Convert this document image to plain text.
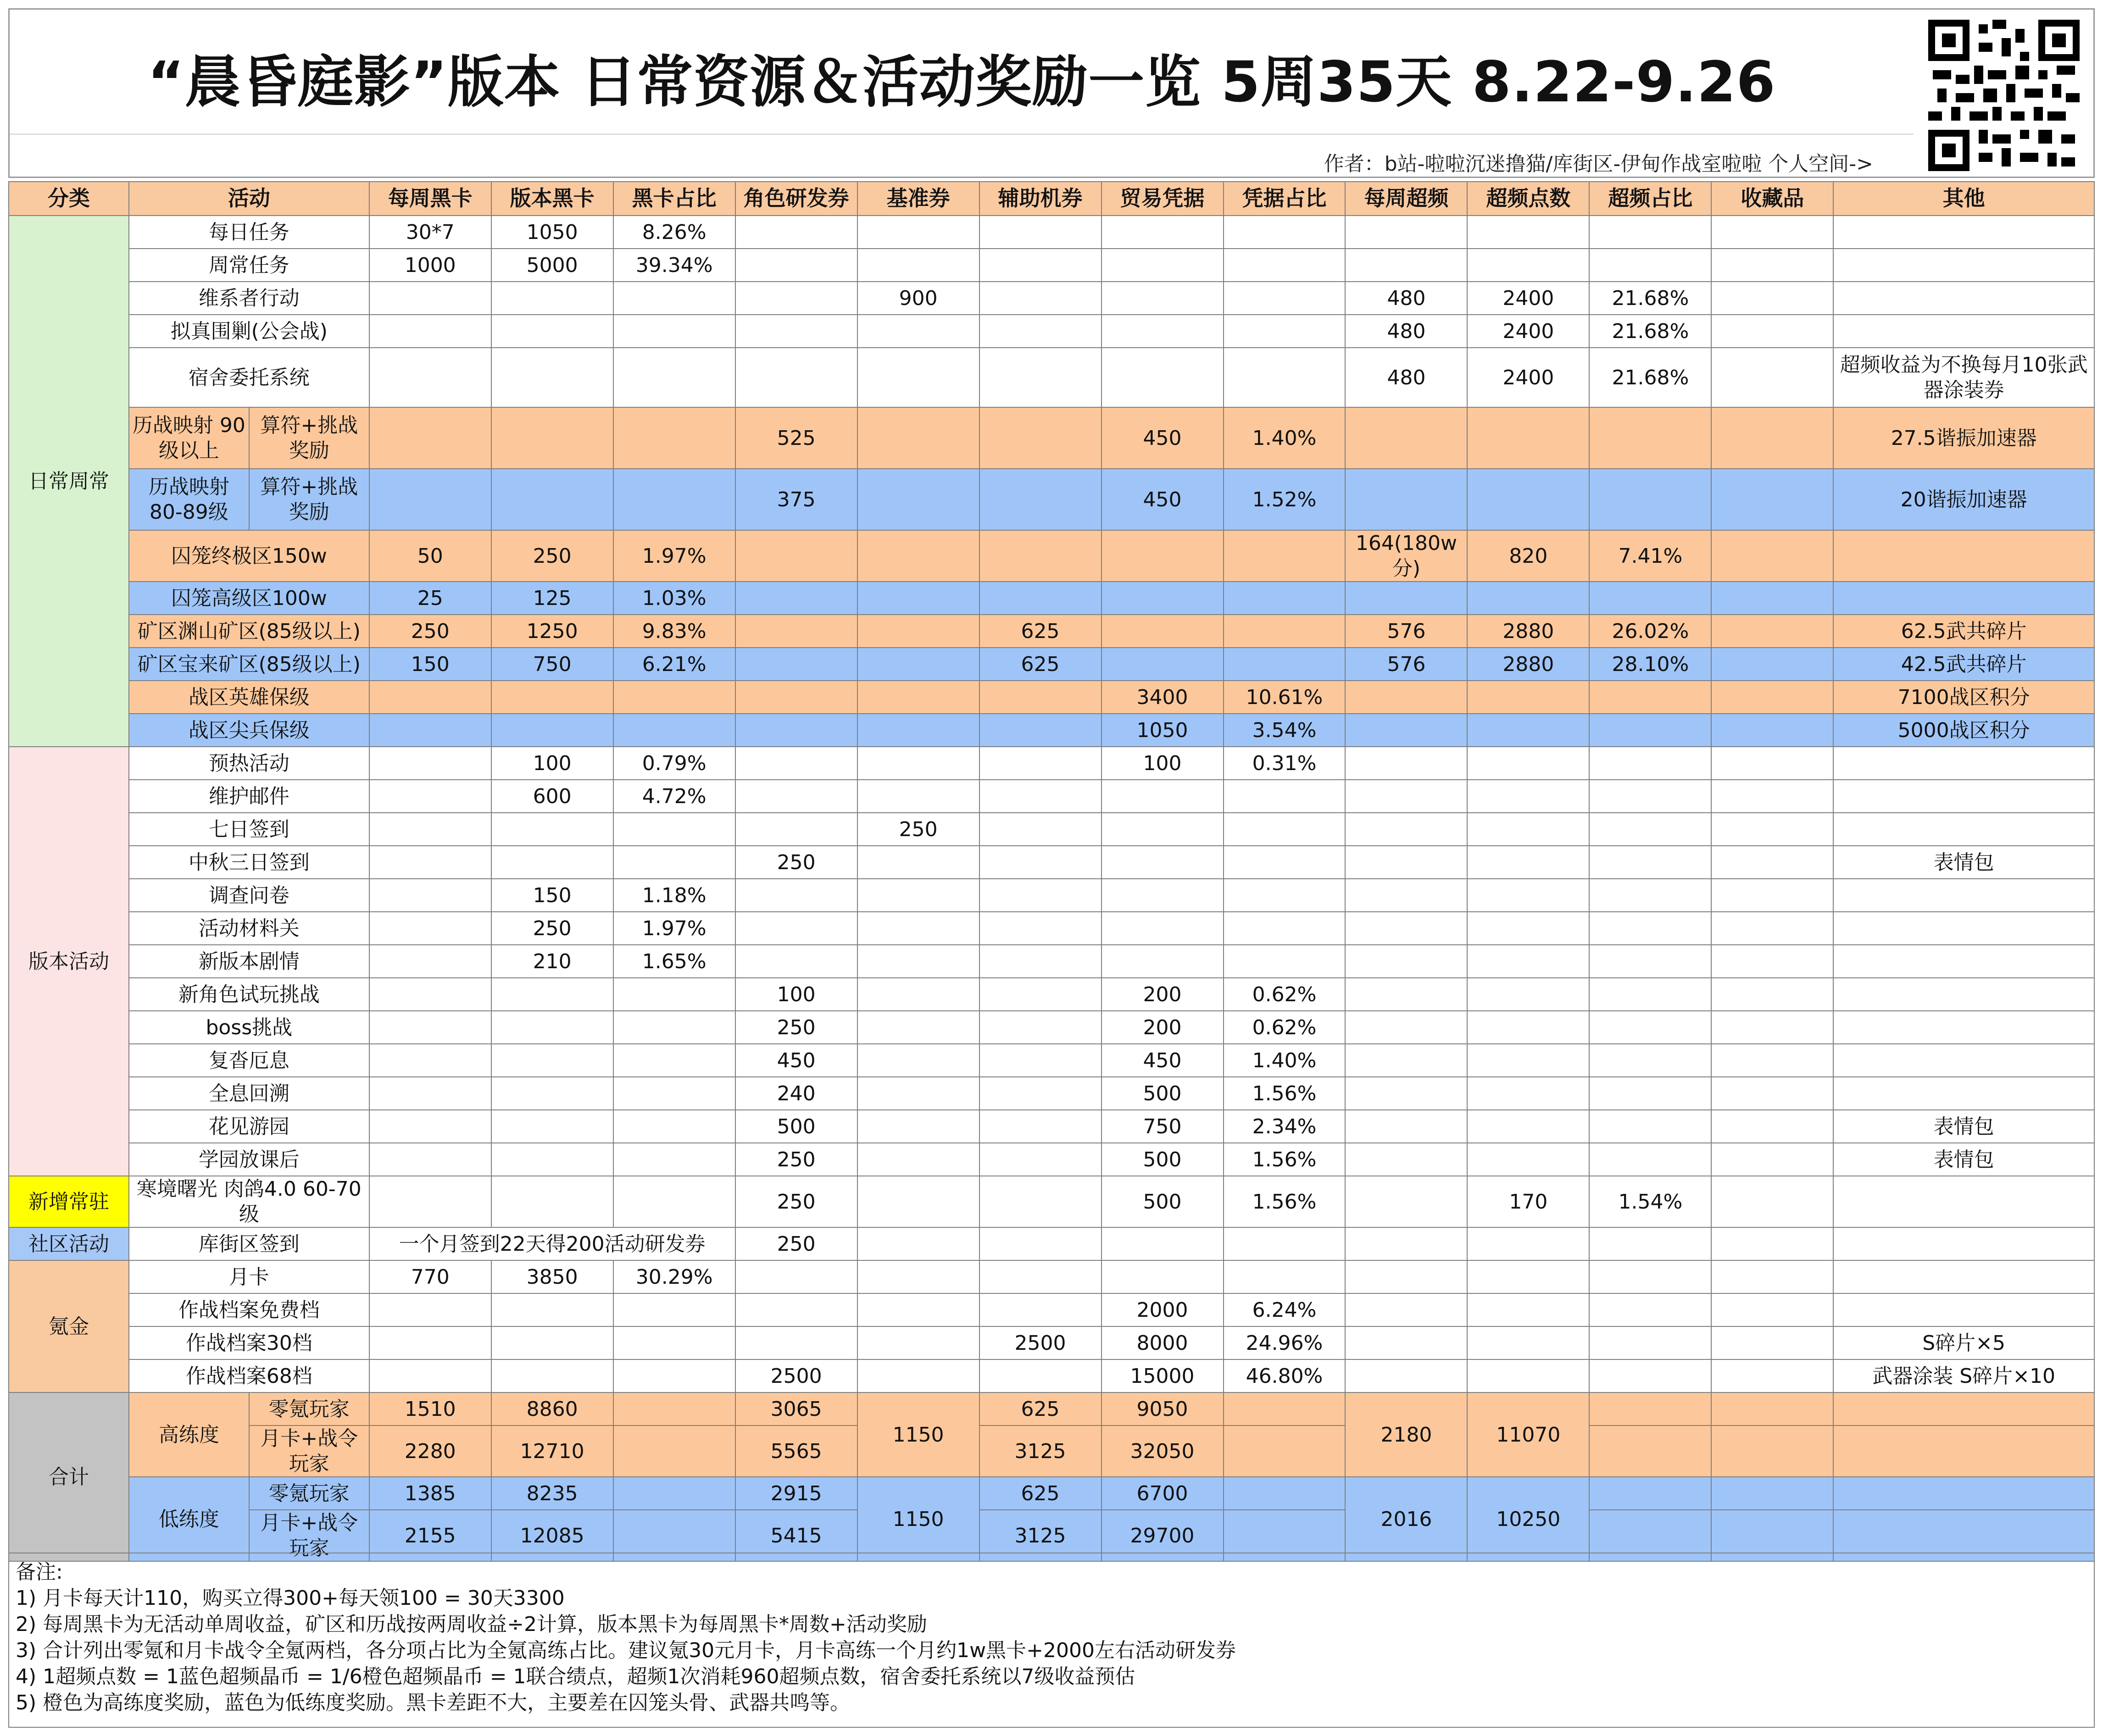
“晨昏庭影”版本 日常资源＆活动奖励一览 5周35天 8.22-9.26
作者：b站-啦啦沉迷撸猫/库街区-伊甸作战室啦啦 个人空间->
分类	活动		每周黑卡	版本黑卡	黑卡占比	角色研发券	基准券	辅助机券	贸易凭据	凭据占比	每周超频	超频点数	超频占比	收藏品	其他
日常周常	每日任务		30*7	1050	8.26%										
	周常任务		1000	5000	39.34%										
	维系者行动						900				480	2400	21.68%		
	拟真围剿(公会战)										480	2400	21.68%		
	宿舍委托系统										480	2400	21.68%		超频收益为不换每月10张武器涂装券
	历战映射 90级以上	算符+挑战奖励				525			450	1.40%					27.5谐振加速器
	历战映射 80-89级	算符+挑战奖励				375			450	1.52%					20谐振加速器
	囚笼终极区150w		50	250	1.97%						164(180w分)	820	7.41%		
	囚笼高级区100w		25	125	1.03%										
	矿区渊山矿区(85级以上)		250	1250	9.83%			625			576	2880	26.02%		62.5武共碎片
	矿区宝来矿区(85级以上)		150	750	6.21%			625			576	2880	28.10%		42.5武共碎片
	战区英雄保级								3400	10.61%					7100战区积分
	战区尖兵保级								1050	3.54%					5000战区积分
版本活动	预热活动			100	0.79%				100	0.31%					
	维护邮件			600	4.72%										
	七日签到						250								
	中秋三日签到					250									表情包
	调查问卷			150	1.18%										
	活动材料关			250	1.97%										
	新版本剧情			210	1.65%										
	新角色试玩挑战					100			200	0.62%					
	boss挑战					250			200	0.62%					
	复沓厄息					450			450	1.40%					
	全息回溯					240			500	1.56%					
	花见游园					500			750	2.34%					表情包
	学园放课后					250			500	1.56%					表情包
新增常驻	寒境曙光 肉鸽4.0 60-70级					250			500	1.56%		170	1.54%		
社区活动	库街区签到		一个月签到22天得200活动研发券			250									
氪金	月卡		770	3850	30.29%										
	作战档案免费档								2000	6.24%					
	作战档案30档							2500	8000	24.96%					S碎片×5
	作战档案68档					2500			15000	46.80%					武器涂装 S碎片×10
合计	高练度	零氪玩家	1510	8860		3065	1150	625	9050		2180	11070			
		月卡+战令玩家	2280	12710		5565		3125	32050						
	低练度	零氪玩家	1385	8235		2915	1150	625	6700		2016	10250			
		月卡+战令玩家	2155	12085		5415		3125	29700						
备注:
1) 月卡每天计110，购买立得300+每天领100 = 30天3300
2) 每周黑卡为无活动单周收益，矿区和历战按两周收益÷2计算，版本黑卡为每周黑卡*周数+活动奖励
3) 合计列出零氪和月卡战令全氪两档，各分项占比为全氪高练占比。建议氪30元月卡，月卡高练一个月约1w黑卡+2000左右活动研发券
4) 1超频点数 = 1蓝色超频晶币 = 1/6橙色超频晶币 = 1联合绩点，超频1次消耗960超频点数，宿舍委托系统以7级收益预估
5) 橙色为高练度奖励，蓝色为低练度奖励。黑卡差距不大，主要差在囚笼头骨、武器共鸣等。
